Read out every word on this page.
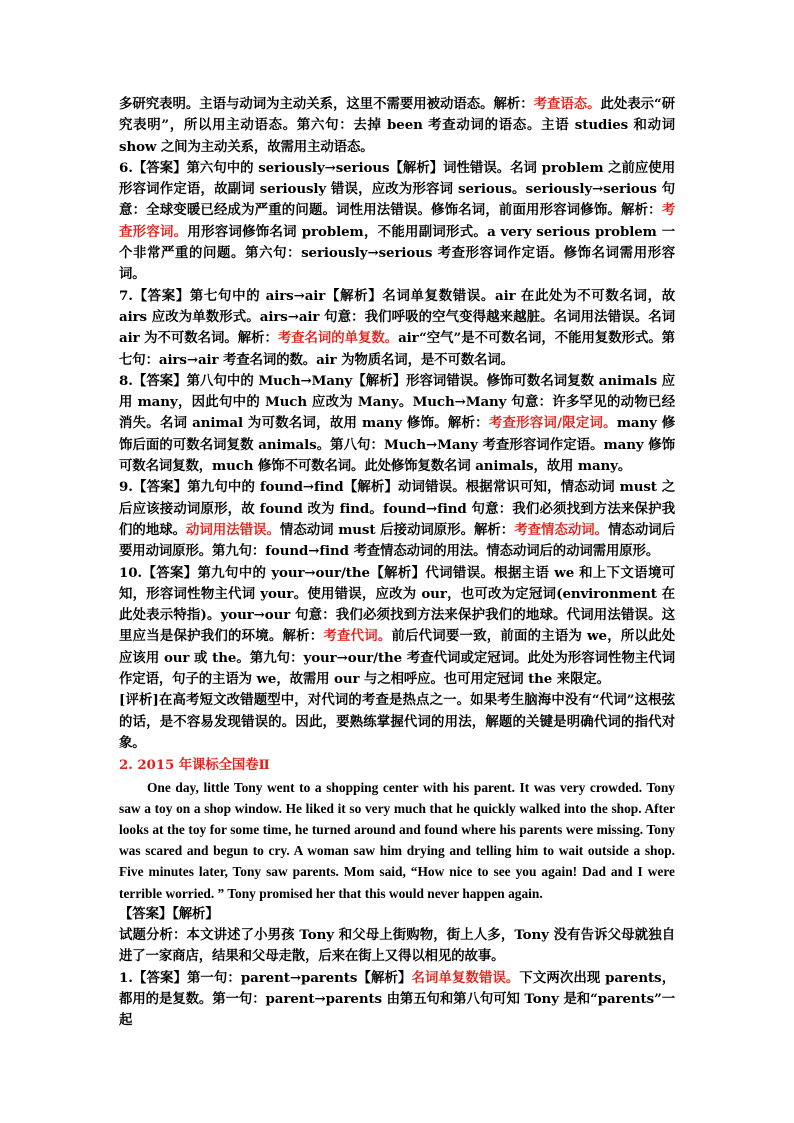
多研究表明。主语与动词为主动关系，这里不需要用被动语态。解析：考查语态。此处表示“研究表明”，所以用主动语态。第六句：去掉 been 考查动词的语态。主语 studies 和动词 show 之间为主动关系，故需用主动语态。

6.【答案】第六句中的 seriously→serious【解析】词性错误。名词 problem 之前应使用形容词作定语，故副词 seriously 错误，应改为形容词 serious。seriously→serious 句意：全球变暖已经成为严重的问题。词性用法错误。修饰名词，前面用形容词修饰。解析：考查形容词。用形容词修饰名词 problem，不能用副词形式。a very serious problem 一个非常严重的问题。第六句：seriously→serious 考查形容词作定语。修饰名词需用形容词。

7.【答案】第七句中的 airs→air【解析】名词单复数错误。air 在此处为不可数名词，故 airs 应改为单数形式。airs→air 句意：我们呼吸的空气变得越来越脏。名词用法错误。名词 air 为不可数名词。解析：考查名词的单复数。air“空气”是不可数名词，不能用复数形式。第七句：airs→air 考查名词的数。air 为物质名词，是不可数名词。

8.【答案】第八句中的 Much→Many【解析】形容词错误。修饰可数名词复数 animals 应用 many，因此句中的 Much 应改为 Many。Much→Many 句意：许多罕见的动物已经消失。名词 animal 为可数名词，故用 many 修饰。解析：考查形容词/限定词。many 修饰后面的可数名词复数 animals。第八句：Much→Many 考查形容词作定语。many 修饰可数名词复数，much 修饰不可数名词。此处修饰复数名词 animals，故用 many。

9.【答案】第九句中的 found→find【解析】动词错误。根据常识可知，情态动词 must 之后应该接动词原形，故 found 改为 find。found→find 句意：我们必须找到方法来保护我们的地球。动词用法错误。情态动词 must 后接动词原形。解析：考查情态动词。情态动词后要用动词原形。第九句：found→find 考查情态动词的用法。情态动词后的动词需用原形。

10.【答案】第九句中的 your→our/the【解析】代词错误。根据主语 we 和上下文语境可知，形容词性物主代词 your。使用错误，应改为 our，也可改为定冠词(environment 在此处表示特指)。your→our 句意：我们必须找到方法来保护我们的地球。代词用法错误。这里应当是保护我们的环境。解析：考查代词。前后代词要一致，前面的主语为 we，所以此处应该用 our 或 the。第九句：your→our/the 考查代词或定冠词。此处为形容词性物主代词作定语，句子的主语为 we，故需用 our 与之相呼应。也可用定冠词 the 来限定。

[评析]在高考短文改错题型中，对代词的考查是热点之一。如果考生脑海中没有“代词”这根弦的话，是不容易发现错误的。因此，要熟练掌握代词的用法，解题的关键是明确代词的指代对象。

2. 2015 年课标全国卷Ⅱ

One day, little Tony went to a shopping center with his parent. It was very crowded. Tony saw a toy on a shop window. He liked it so very much that he quickly walked into the shop. After looks at the toy for some time, he turned around and found where his parents were missing. Tony was scared and begun to cry. A woman saw him drying and telling him to wait outside a shop. Five minutes later, Tony saw parents. Mom said, “How nice to see you again! Dad and I were terrible worried. ” Tony promised her that this would never happen again.

【答案】【解析】

试题分析：本文讲述了小男孩 Tony 和父母上街购物，街上人多，Tony 没有告诉父母就独自进了一家商店，结果和父母走散，后来在街上又得以相见的故事。

1.【答案】第一句：parent→parents【解析】名词单复数错误。下文两次出现 parents，都用的是复数。第一句：parent→parents 由第五句和第八句可知 Tony 是和“parents”一起
